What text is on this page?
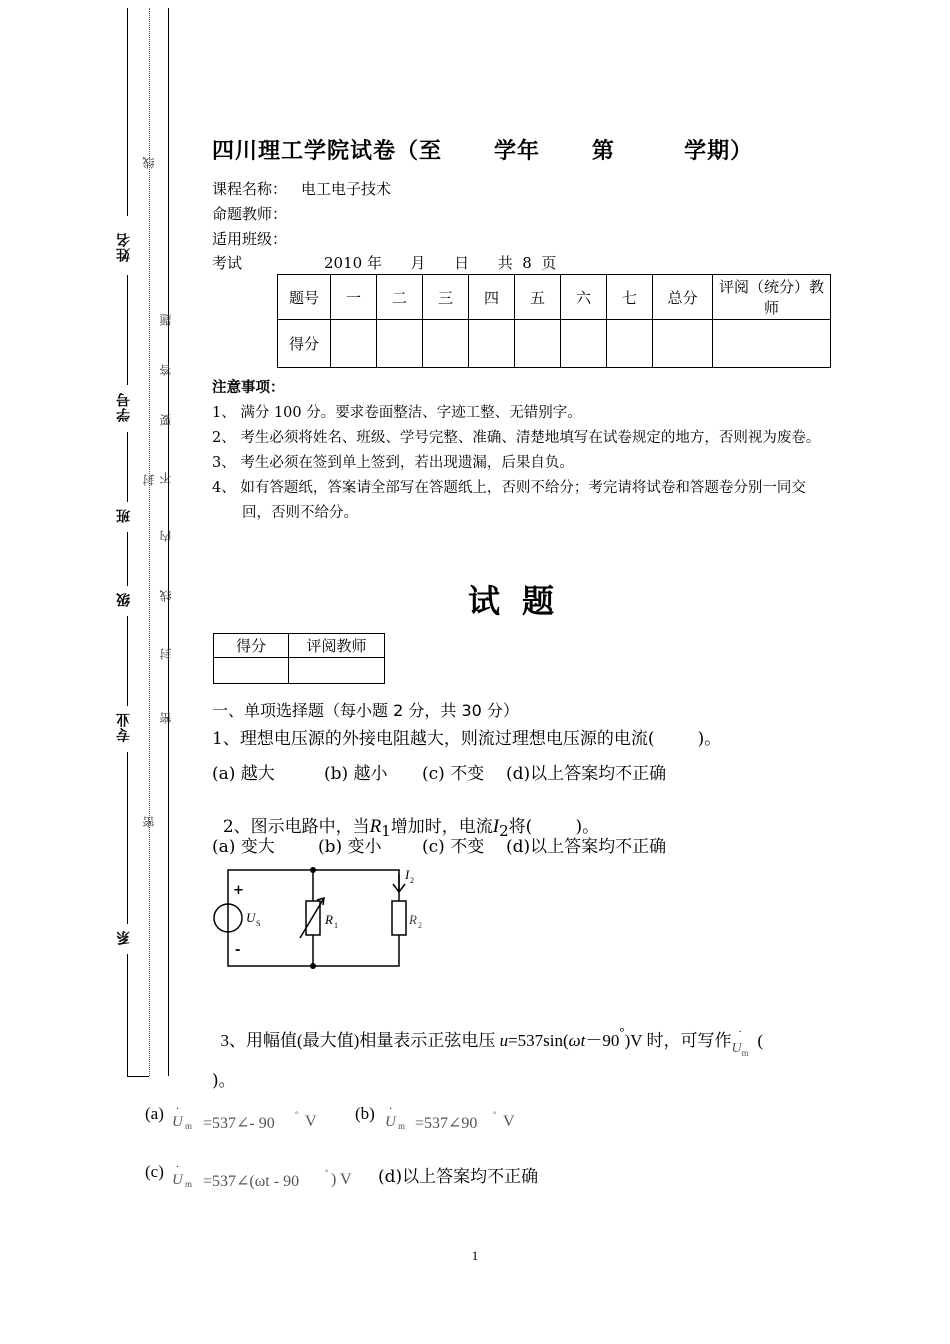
姓名
学号
班
级
专业
系
线
题
答
要
不
封
内
线
封
密
密
四川理工学院试卷（至      学年      第        学期）
课程名称： 电工电子技术
命题教师：
适用班级：
考试	2010 年      月      日      共  8  页
题号	一	二	三	四	五	六	七	总分	评阅（统分）教师
得分									
注意事项：
1、 满分 100 分。要求卷面整洁、字迹工整、无错别字。
2、 考生必须将姓名、班级、学号完整、准确、清楚地填写在试卷规定的地方，否则视为废卷。
3、 考生必须在签到单上签到，若出现遗漏，后果自负。
4、 如有答题纸，答案请全部写在答题纸上，否则不给分；考完请将试卷和答题卷分别一同交回，否则不给分。
试题
得分	评阅教师

一、单项选择题（每小题 2 分，共 30 分）
1、理想电压源的外接电阻越大，则流过理想电压源的电流(        )。
(a) 越大	(b) 越小 (c) 不变 (d)以上答案均不正确

2、图示电路中，当R1增加时，电流I2将(        )。

(a) 变大	(b) 变小 (c) 不变 (d)以上答案均不正确
+
-
U S	R 1	R 2
I 2

3、用幅值(最大值)相量表示正弦电压 u=537sin(ωt－90°)V 时，可写作 ·
$_{Um}$(

)。
(a) ·
U m =537∠- 90
° V (b) ·
U m =537∠90
° V
(c) ·
U m =537∠(ωt - 90
° ) V (d)以上答案均不正确
1
